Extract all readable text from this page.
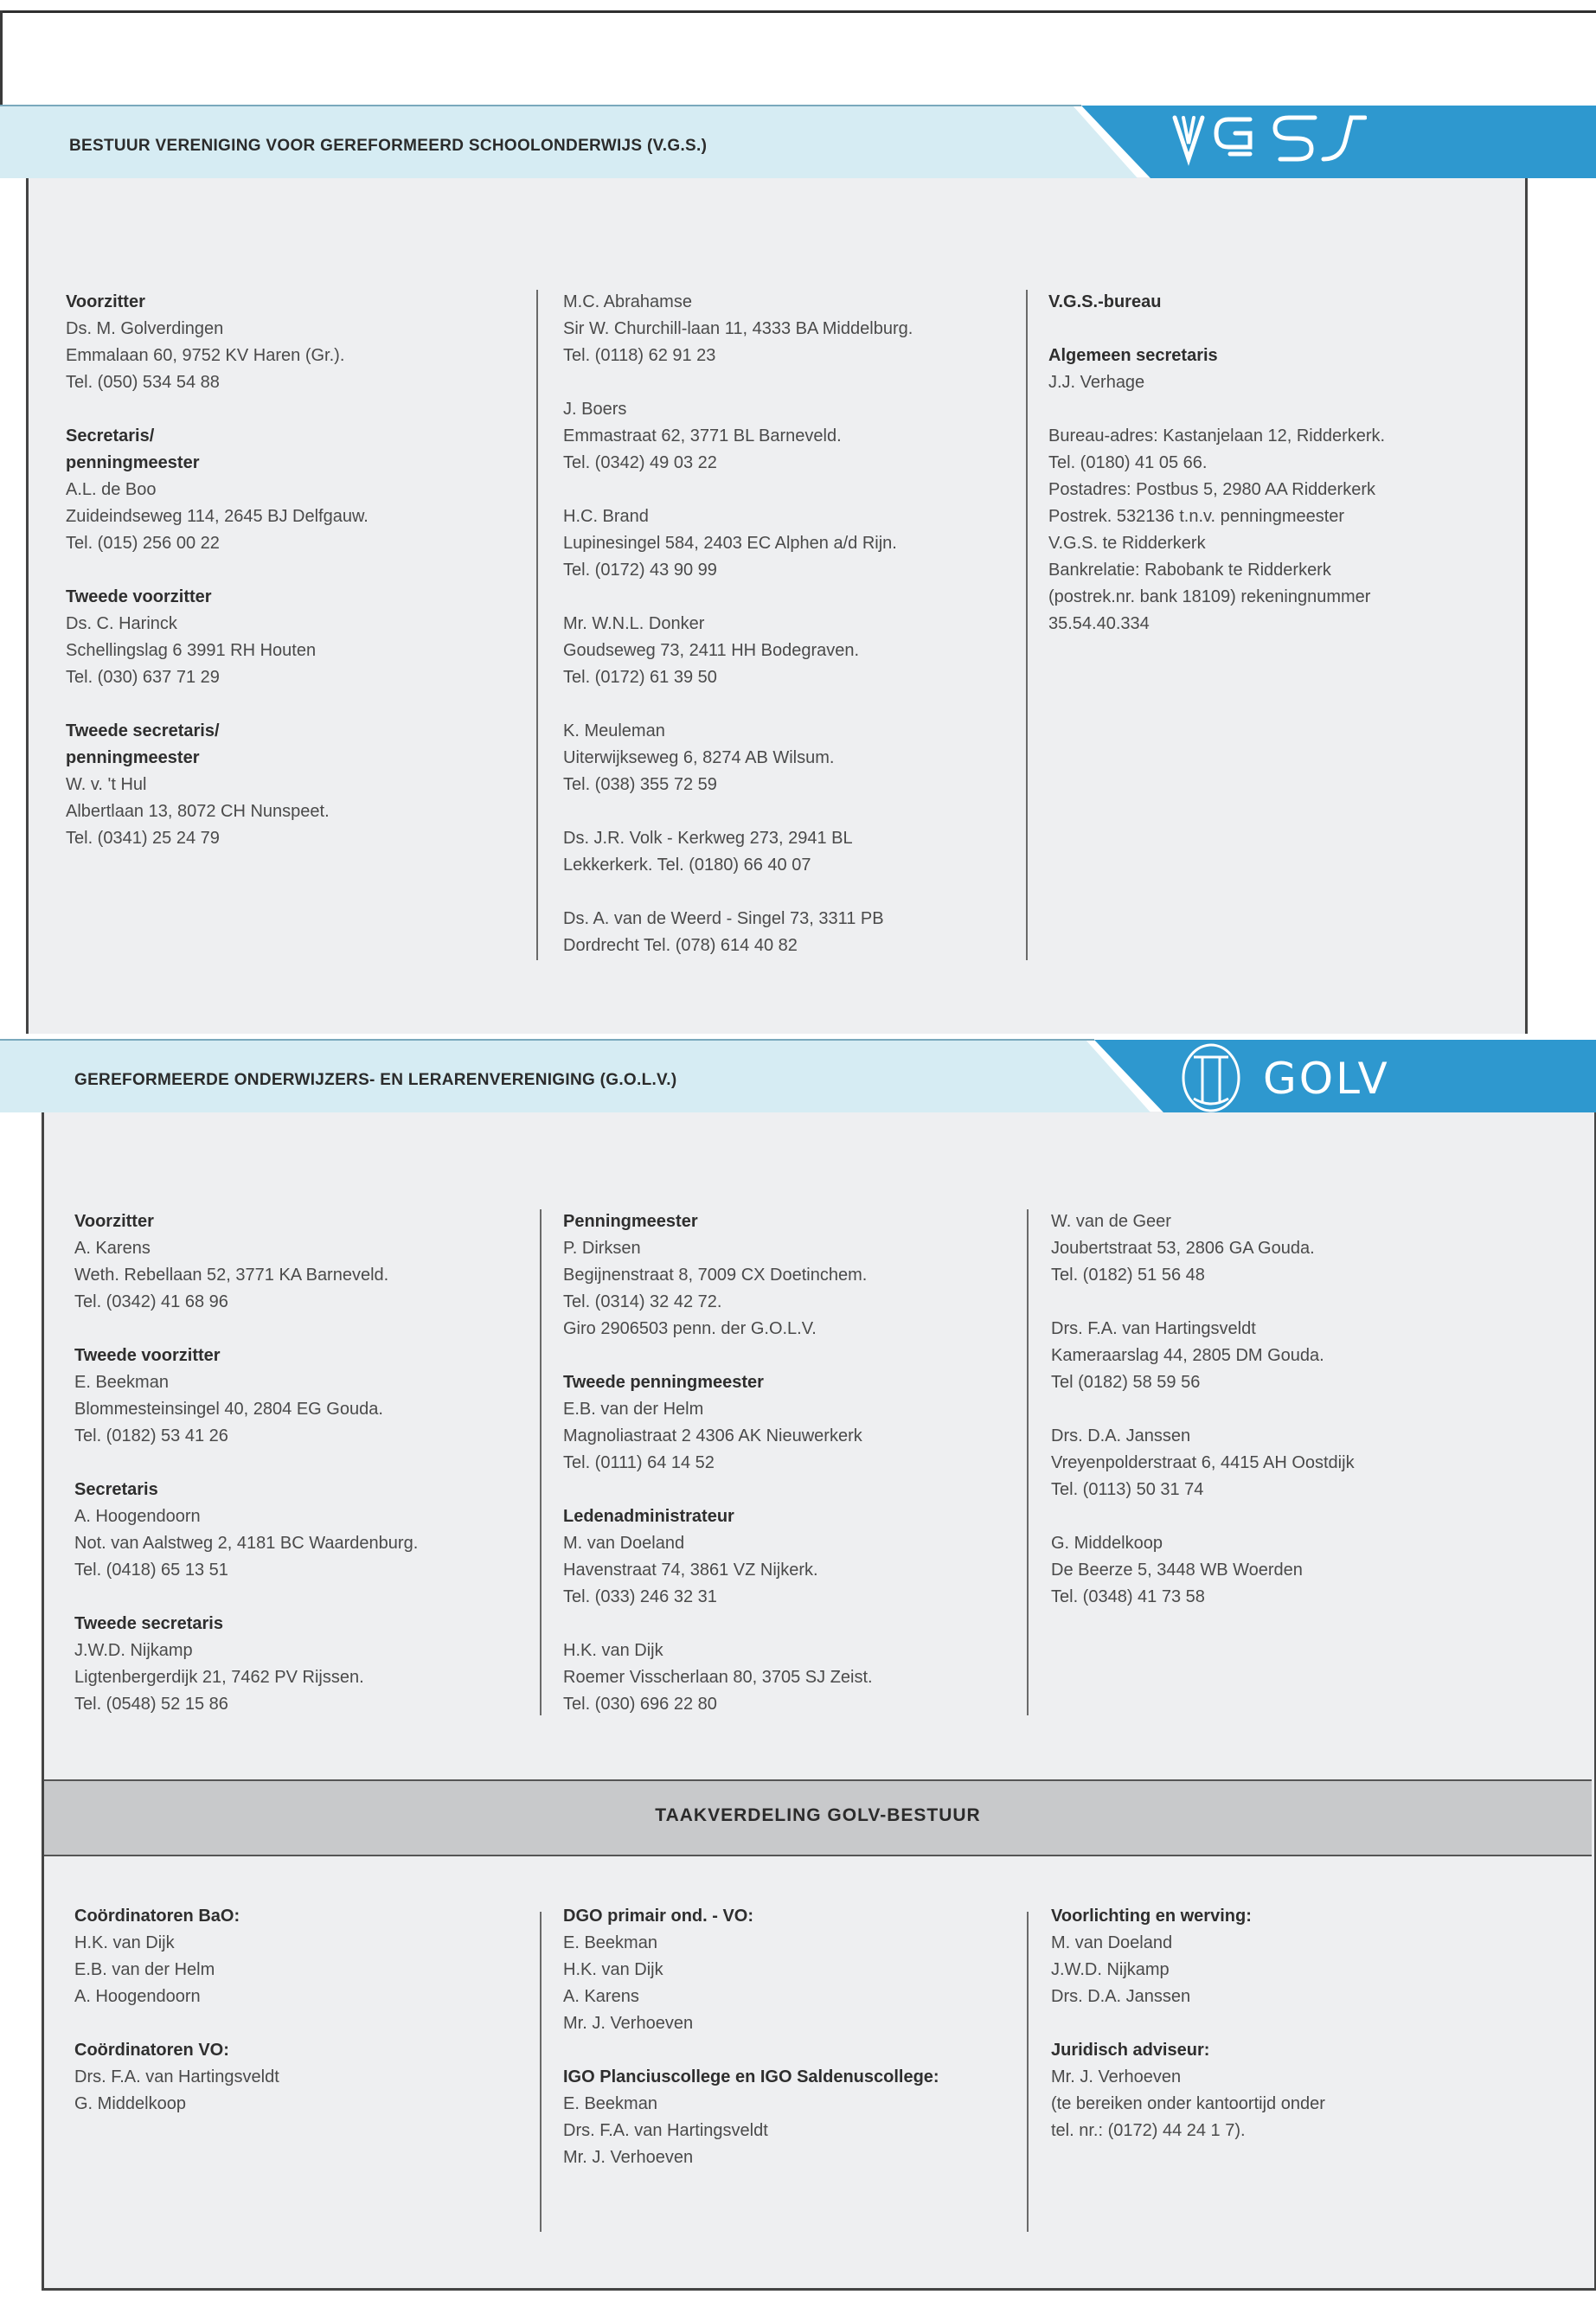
BESTUUR VERENIGING VOOR GEREFORMEERD SCHOOLONDERWIJS (V.G.S.)
Voorzitter
Ds. M. Golverdingen
Emmalaan 60, 9752 KV Haren (Gr.).
Tel. (050) 534 54 88
Secretaris/
penningmeester
A.L. de Boo
Zuideindseweg 114, 2645 BJ Delfgauw.
Tel. (015) 256 00 22
Tweede voorzitter
Ds. C. Harinck
Schellingslag 6 3991 RH Houten
Tel. (030) 637 71 29
Tweede secretaris/
penningmeester
W. v. 't Hul
Albertlaan 13, 8072 CH Nunspeet.
Tel. (0341) 25 24 79
M.C. Abrahamse
Sir W. Churchill-laan 11, 4333 BA Middelburg.
Tel. (0118) 62 91 23
J. Boers
Emmastraat 62, 3771 BL Barneveld.
Tel. (0342) 49 03 22
H.C. Brand
Lupinesingel 584, 2403 EC Alphen a/d Rijn.
Tel. (0172) 43 90 99
Mr. W.N.L. Donker
Goudseweg 73, 2411 HH Bodegraven.
Tel. (0172) 61 39 50
K. Meuleman
Uiterwijkseweg 6, 8274 AB Wilsum.
Tel. (038) 355 72 59
Ds. J.R. Volk - Kerkweg 273, 2941 BL
Lekkerkerk. Tel. (0180) 66 40 07
Ds. A. van de Weerd - Singel 73, 3311 PB
Dordrecht Tel. (078) 614 40 82
V.G.S.-bureau
Algemeen secretaris
J.J. Verhage
Bureau-adres: Kastanjelaan 12, Ridderkerk.
Tel. (0180) 41 05 66.
Postadres: Postbus 5, 2980 AA Ridderkerk
Postrek. 532136 t.n.v. penningmeester
V.G.S. te Ridderkerk
Bankrelatie: Rabobank te Ridderkerk
(postrek.nr. bank 18109) rekeningnummer
35.54.40.334
GEREFORMEERDE ONDERWIJZERS- EN LERARENVERENIGING (G.O.L.V.)	GOLV
Voorzitter
A. Karens
Weth. Rebellaan 52, 3771 KA Barneveld.
Tel. (0342) 41 68 96
Tweede voorzitter
E. Beekman
Blommesteinsingel 40, 2804 EG Gouda.
Tel. (0182) 53 41 26
Secretaris
A. Hoogendoorn
Not. van Aalstweg 2, 4181 BC Waardenburg.
Tel. (0418) 65 13 51
Tweede secretaris
J.W.D. Nijkamp
Ligtenbergerdijk 21, 7462 PV Rijssen.
Tel. (0548) 52 15 86
Penningmeester
P. Dirksen
Begijnenstraat 8, 7009 CX Doetinchem.
Tel. (0314) 32 42 72.
Giro 2906503 penn. der G.O.L.V.
Tweede penningmeester
E.B. van der Helm
Magnoliastraat 2 4306 AK Nieuwerkerk
Tel. (0111) 64 14 52
Ledenadministrateur
M. van Doeland
Havenstraat 74, 3861 VZ Nijkerk.
Tel. (033) 246 32 31
H.K. van Dijk
Roemer Visscherlaan 80, 3705 SJ Zeist.
Tel. (030) 696 22 80
W. van de Geer
Joubertstraat 53, 2806 GA Gouda.
Tel. (0182) 51 56 48
Drs. F.A. van Hartingsveldt
Kameraarslag 44, 2805 DM Gouda.
Tel (0182) 58 59 56
Drs. D.A. Janssen
Vreyenpolderstraat 6, 4415 AH Oostdijk
Tel. (0113) 50 31 74
G. Middelkoop
De Beerze 5, 3448 WB Woerden
Tel. (0348) 41 73 58
TAAKVERDELING GOLV-BESTUUR
Coördinatoren BaO:
H.K. van Dijk
E.B. van der Helm
A. Hoogendoorn
Coördinatoren VO:
Drs. F.A. van Hartingsveldt
G. Middelkoop
DGO primair ond. - VO:
E. Beekman
H.K. van Dijk
A. Karens
Mr. J. Verhoeven
IGO Planciuscollege en IGO Saldenuscollege:
E. Beekman
Drs. F.A. van Hartingsveldt
Mr. J. Verhoeven
Voorlichting en werving:
M. van Doeland
J.W.D. Nijkamp
Drs. D.A. Janssen
Juridisch adviseur:
Mr. J. Verhoeven
(te bereiken onder kantoortijd onder
tel. nr.: (0172) 44 24 1 7).
